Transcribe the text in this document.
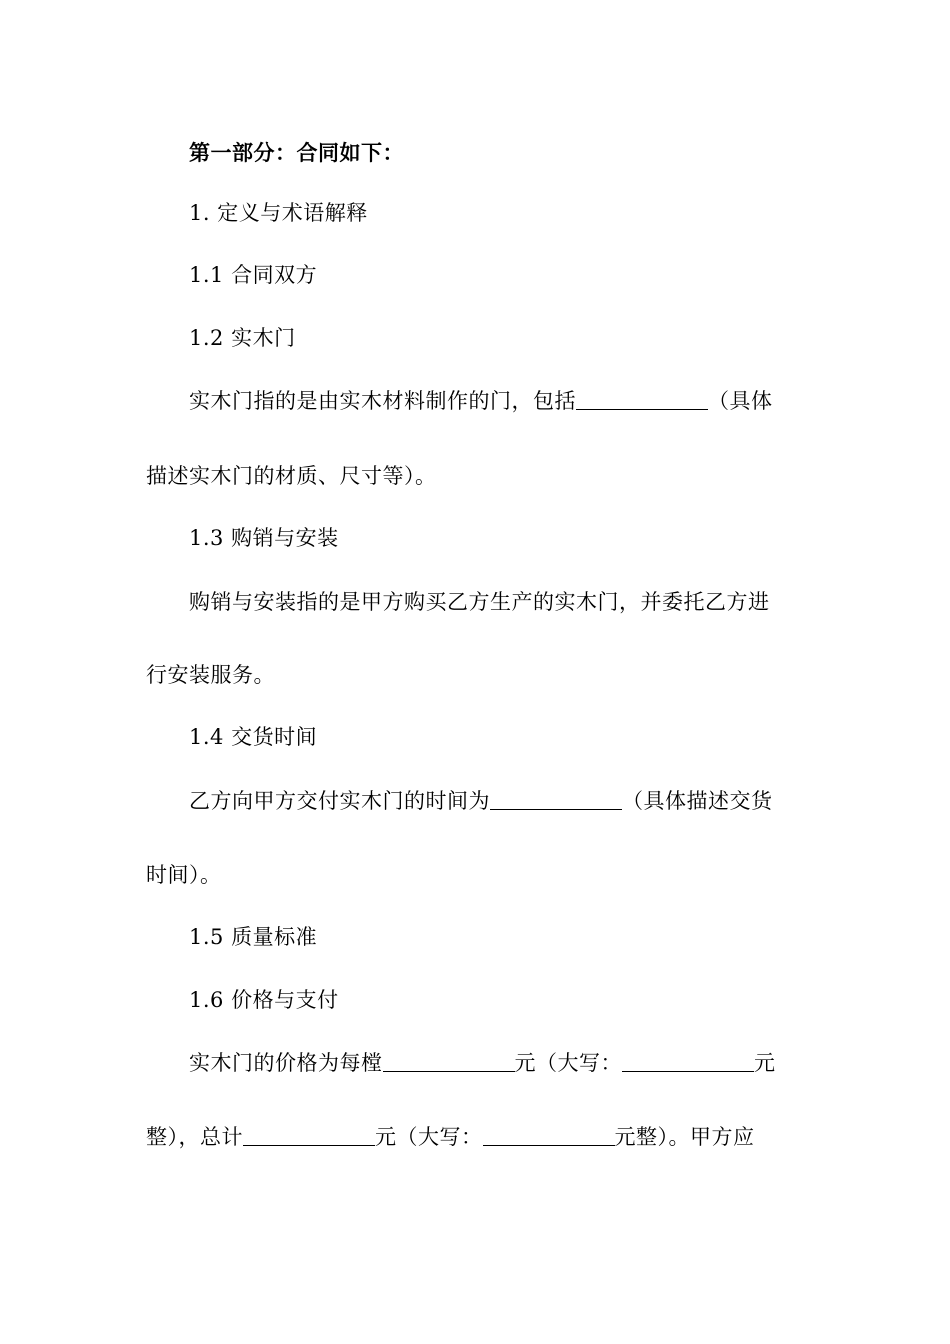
第一部分：合同如下：
1. 定义与术语解释
1.1 合同双方
1.2 实木门
实木门指的是由实木材料制作的门，包括	（具体
描述实木门的材质、尺寸等）。
1.3 购销与安装
购销与安装指的是甲方购买乙方生产的实木门，并委托乙方进
行安装服务。
1.4 交货时间
乙方向甲方交付实木门的时间为	（具体描述交货
时间）。
1.5 质量标准
1.6 价格与支付
实木门的价格为每樘	元（大写：	元
整），总计	元（大写：	元整）。甲方应
